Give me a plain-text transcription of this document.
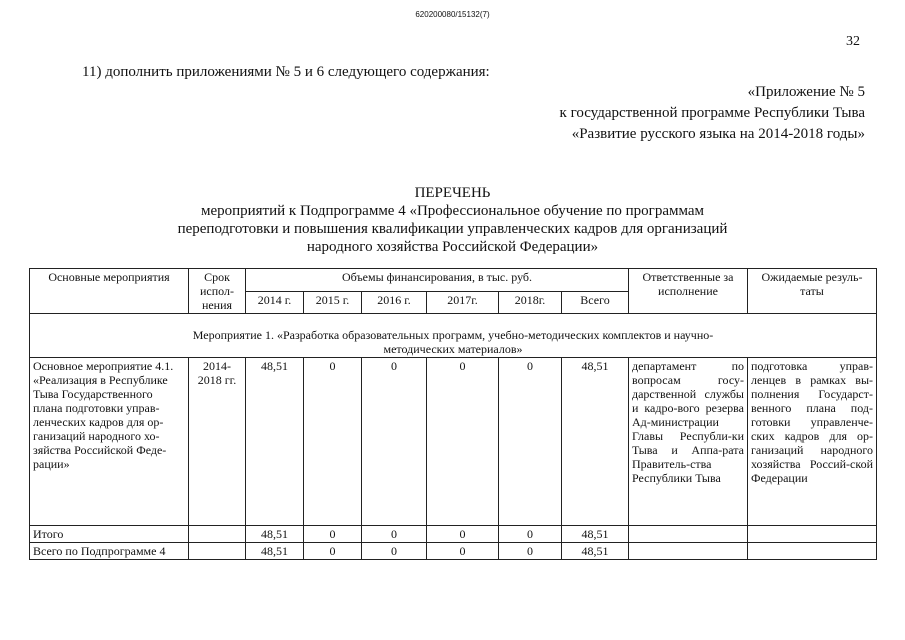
620200080/15132(7)
32
11) дополнить приложениями № 5 и 6 следующего содержания:
«Приложение № 5
к государственной программе Республики Тыва
«Развитие русского языка на 2014-2018 годы»
ПЕРЕЧЕНЬ
мероприятий к Подпрограмме 4 «Профессиональное обучение по программам
переподготовки и повышения квалификации управленческих кадров для организаций
народного хозяйства Российской Федерации»
Основные мероприятия	Срок испол-нения	Объемы финансирования, в тыс. руб.						Ответственные за исполнение	Ожидаемые резуль-таты
		2014 г.	2015 г.	2016 г.	2017г.	2018г.	Всего		
Мероприятие 1. «Разработка образовательных программ, учебно-методических комплектов и научно-методических материалов»									
Основное мероприятие 4.1. «Реализация в Республике Тыва Государственного плана подготовки управ-ленческих кадров для ор-ганизаций народного хо-зяйства Российской Феде-рации»	2014-2018 гг.	48,51	0	0	0	0	48,51	департамент по вопросам госу-дарственной службы и кадро-вого резерва Ад-министрации Главы Республи-ки Тыва и Аппа-рата Правитель-ства Республики Тыва	подготовка управ-ленцев в рамках вы-полнения Государст-венного плана под-готовки управленче-ских кадров для ор-ганизаций народного хозяйства Россий-ской Федерации
Итого		48,51	0	0	0	0	48,51		
Всего по Подпрограмме 4		48,51	0	0	0	0	48,51		
